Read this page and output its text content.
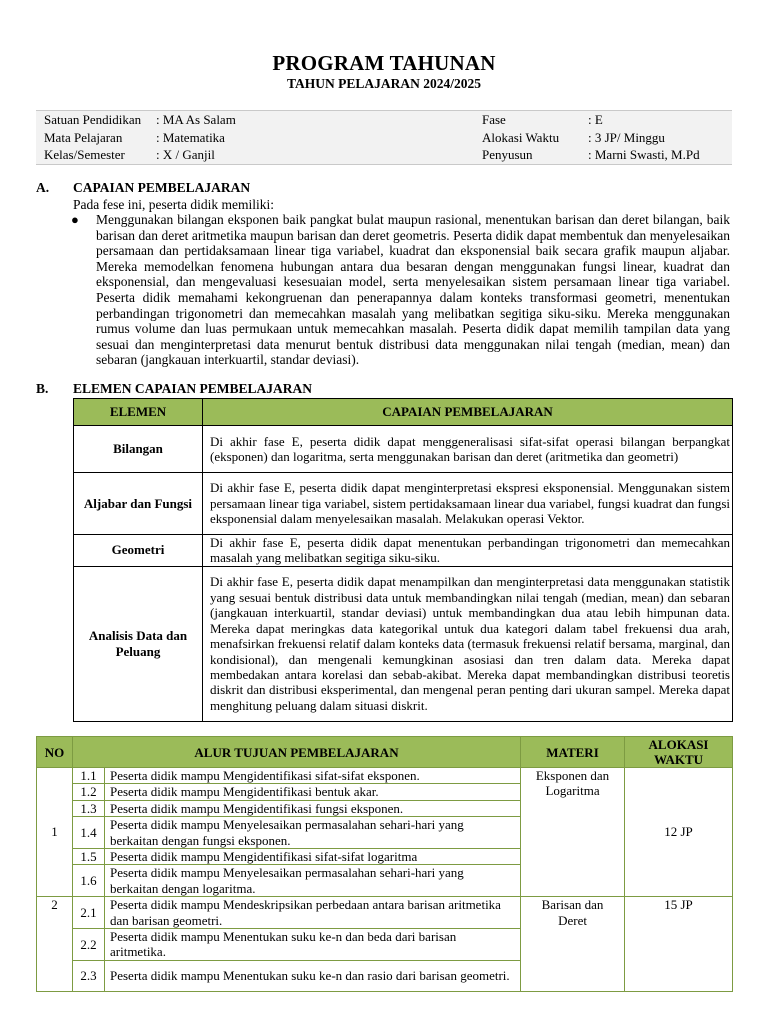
PROGRAM TAHUNAN
TAHUN PELAJARAN 2024/2025
Satuan Pendidikan : MA As Salam	Fase	: E
Mata Pelajaran	: Matematika	Alokasi Waktu : 3 JP/ Minggu
Kelas/Semester : X / Ganjil	Penyusun	: Marni Swasti, M.Pd
A. CAPAIAN PEMBELAJARAN
Pada fese ini, peserta didik memiliki:
● Menggunakan bilangan eksponen baik pangkat bulat maupun rasional, menentukan barisan dan deret bilangan, baik barisan dan deret aritmetika maupun barisan dan deret geometris. Peserta didik dapat membentuk dan menyelesaikan persamaan dan pertidaksamaan linear tiga variabel, kuadrat dan eksponensial baik secara grafik maupun aljabar. Mereka memodelkan fenomena hubungan antara dua besaran dengan menggunakan fungsi linear, kuadrat dan eksponensial, dan mengevaluasi kesesuaian model, serta menyelesaikan sistem persamaan linear tiga variabel. Peserta didik memahami kekongruenan dan penerapannya dalam konteks transformasi geometri, menentukan perbandingan trigonometri dan memecahkan masalah yang melibatkan segitiga siku-siku. Mereka menggunakan rumus volume dan luas permukaan untuk memecahkan masalah. Peserta didik dapat memilih tampilan data yang sesuai dan menginterpretasi data menurut bentuk distribusi data menggunakan nilai tengah (median, mean) dan sebaran (jangkauan interkuartil, standar deviasi).
B. ELEMEN CAPAIAN PEMBELAJARAN
ELEMEN	CAPAIAN PEMBELAJARAN
Bilangan	Di akhir fase E, peserta didik dapat menggeneralisasi sifat-sifat operasi bilangan berpangkat (eksponen) dan logaritma, serta menggunakan barisan dan deret (aritmetika dan geometri)
Aljabar dan Fungsi	Di akhir fase E, peserta didik dapat menginterpretasi ekspresi eksponensial. Menggunakan sistem persamaan linear tiga variabel, sistem pertidaksamaan linear dua variabel, fungsi kuadrat dan fungsi eksponensial dalam menyelesaikan masalah. Melakukan operasi Vektor.
Geometri	Di akhir fase E, peserta didik dapat menentukan perbandingan trigonometri dan memecahkan masalah yang melibatkan segitiga siku-siku.
Analisis Data dan Peluang	Di akhir fase E, peserta didik dapat menampilkan dan menginterpretasi data menggunakan statistik yang sesuai bentuk distribusi data untuk membandingkan nilai tengah (median, mean) dan sebaran (jangkauan interkuartil, standar deviasi) untuk membandingkan dua atau lebih himpunan data. Mereka dapat meringkas data kategorikal untuk dua kategori dalam tabel frekuensi dua arah, menafsirkan frekuensi relatif dalam konteks data (termasuk frekuensi relatif bersama, marginal, dan kondisional), dan mengenali kemungkinan asosiasi dan tren dalam data. Mereka dapat membedakan antara korelasi dan sebab-akibat. Mereka dapat membandingkan distribusi teoretis diskrit dan distribusi eksperimental, dan mengenal peran penting dari ukuran sampel. Mereka dapat menghitung peluang dalam situasi diskrit.
NO	ALUR TUJUAN PEMBELAJARAN		MATERI	ALOKASI WAKTU
1	1.1	Peserta didik mampu Mengidentifikasi sifat-sifat eksponen.	Eksponen dan Logaritma	12 JP
	1.2	Peserta didik mampu Mengidentifikasi bentuk akar.		
	1.3	Peserta didik mampu Mengidentifikasi fungsi eksponen.		
	1.4	Peserta didik mampu Menyelesaikan permasalahan sehari-hari yang berkaitan dengan fungsi eksponen.		
	1.5	Peserta didik mampu Mengidentifikasi sifat-sifat logaritma		
	1.6	Peserta didik mampu Menyelesaikan permasalahan sehari-hari yang berkaitan dengan logaritma.		
2	2.1	Peserta didik mampu Mendeskripsikan perbedaan antara barisan aritmetika dan barisan geometri.	Barisan dan Deret	15 JP
	2.2	Peserta didik mampu Menentukan suku ke-n dan beda dari barisan aritmetika.		
	2.3	Peserta didik mampu Menentukan suku ke-n dan rasio dari barisan geometri.		
